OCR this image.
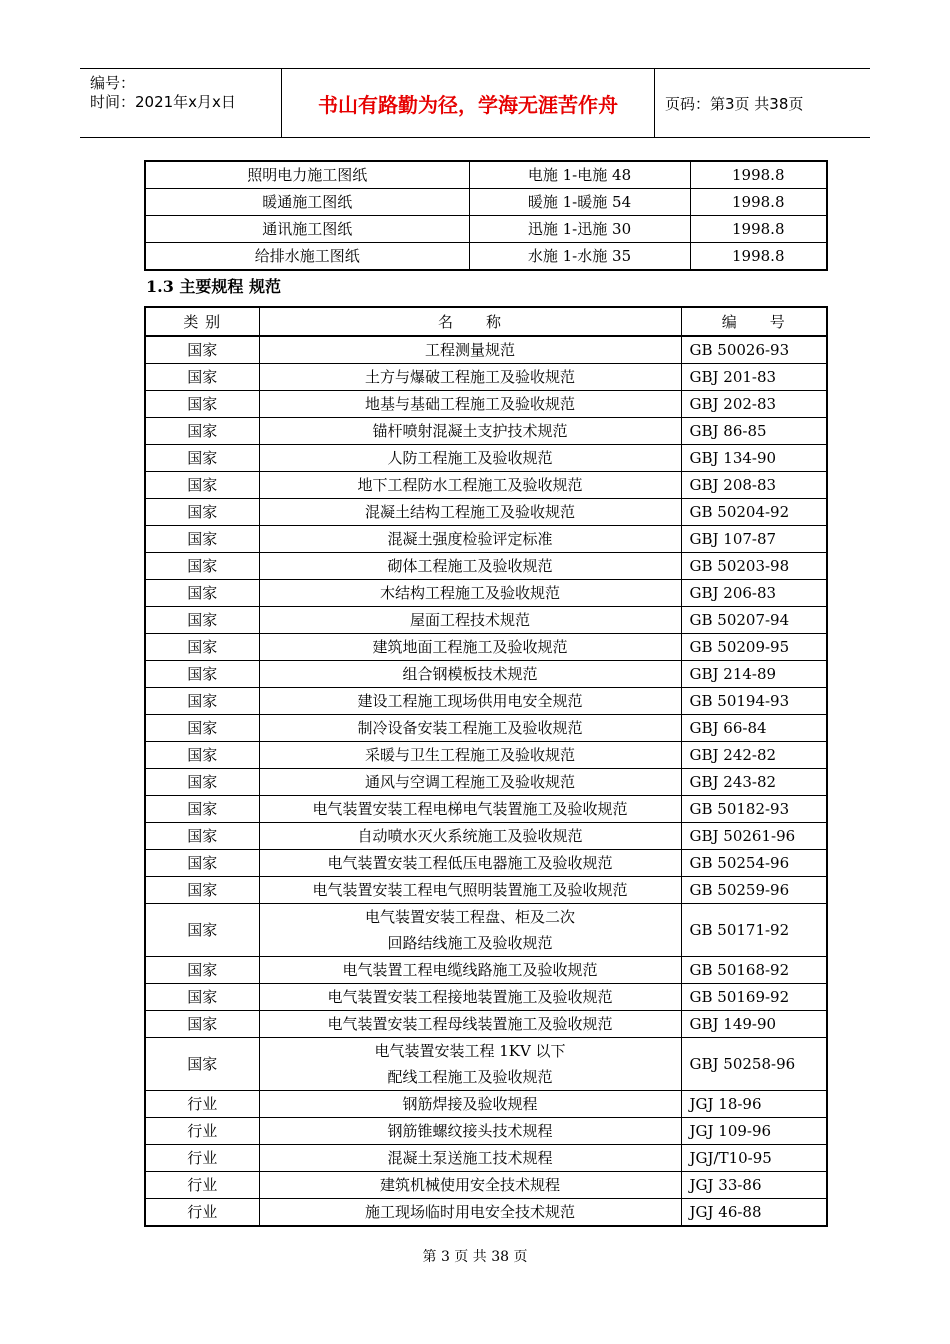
编号：
时间：2021年x月x日	书山有路勤为径，学海无涯苦作舟	页码：第3页 共38页
照明电力施工图纸	电施 1-电施 48	1998.8
暖通施工图纸	暖施 1-暖施 54	1998.8
通讯施工图纸	迅施 1-迅施 30	1998.8
给排水施工图纸	水施 1-水施 35	1998.8
1.3 主要规程 规范
类 别	名　　称	编　　号
国家	工程测量规范	GB 50026-93
国家	土方与爆破工程施工及验收规范	GBJ 201-83
国家	地基与基础工程施工及验收规范	GBJ 202-83
国家	锚杆喷射混凝土支护技术规范	GBJ 86-85
国家	人防工程施工及验收规范	GBJ 134-90
国家	地下工程防水工程施工及验收规范	GBJ 208-83
国家	混凝土结构工程施工及验收规范	GB 50204-92
国家	混凝土强度检验评定标准	GBJ 107-87
国家	砌体工程施工及验收规范	GB 50203-98
国家	木结构工程施工及验收规范	GBJ 206-83
国家	屋面工程技术规范	GB 50207-94
国家	建筑地面工程施工及验收规范	GB 50209-95
国家	组合钢模板技术规范	GBJ 214-89
国家	建设工程施工现场供用电安全规范	GB 50194-93
国家	制冷设备安装工程施工及验收规范	GBJ 66-84
国家	采暖与卫生工程施工及验收规范	GBJ 242-82
国家	通风与空调工程施工及验收规范	GBJ 243-82
国家	电气装置安装工程电梯电气装置施工及验收规范	GB 50182-93
国家	自动喷水灭火系统施工及验收规范	GBJ 50261-96
国家	电气装置安装工程低压电器施工及验收规范	GB 50254-96
国家	电气装置安装工程电气照明装置施工及验收规范	GB 50259-96
国家	电气装置安装工程盘、柜及二次
回路结线施工及验收规范	GB 50171-92
国家	电气装置工程电缆线路施工及验收规范	GB 50168-92
国家	电气装置安装工程接地装置施工及验收规范	GB 50169-92
国家	电气装置安装工程母线装置施工及验收规范	GBJ 149-90
国家	电气装置安装工程 1KV 以下
配线工程施工及验收规范	GBJ 50258-96
行业	钢筋焊接及验收规程	JGJ 18-96
行业	钢筋锥螺纹接头技术规程	JGJ 109-96
行业	混凝土泵送施工技术规程	JGJ/T10-95
行业	建筑机械使用安全技术规程	JGJ 33-86
行业	施工现场临时用电安全技术规范	JGJ 46-88
第 3 页 共 38 页
